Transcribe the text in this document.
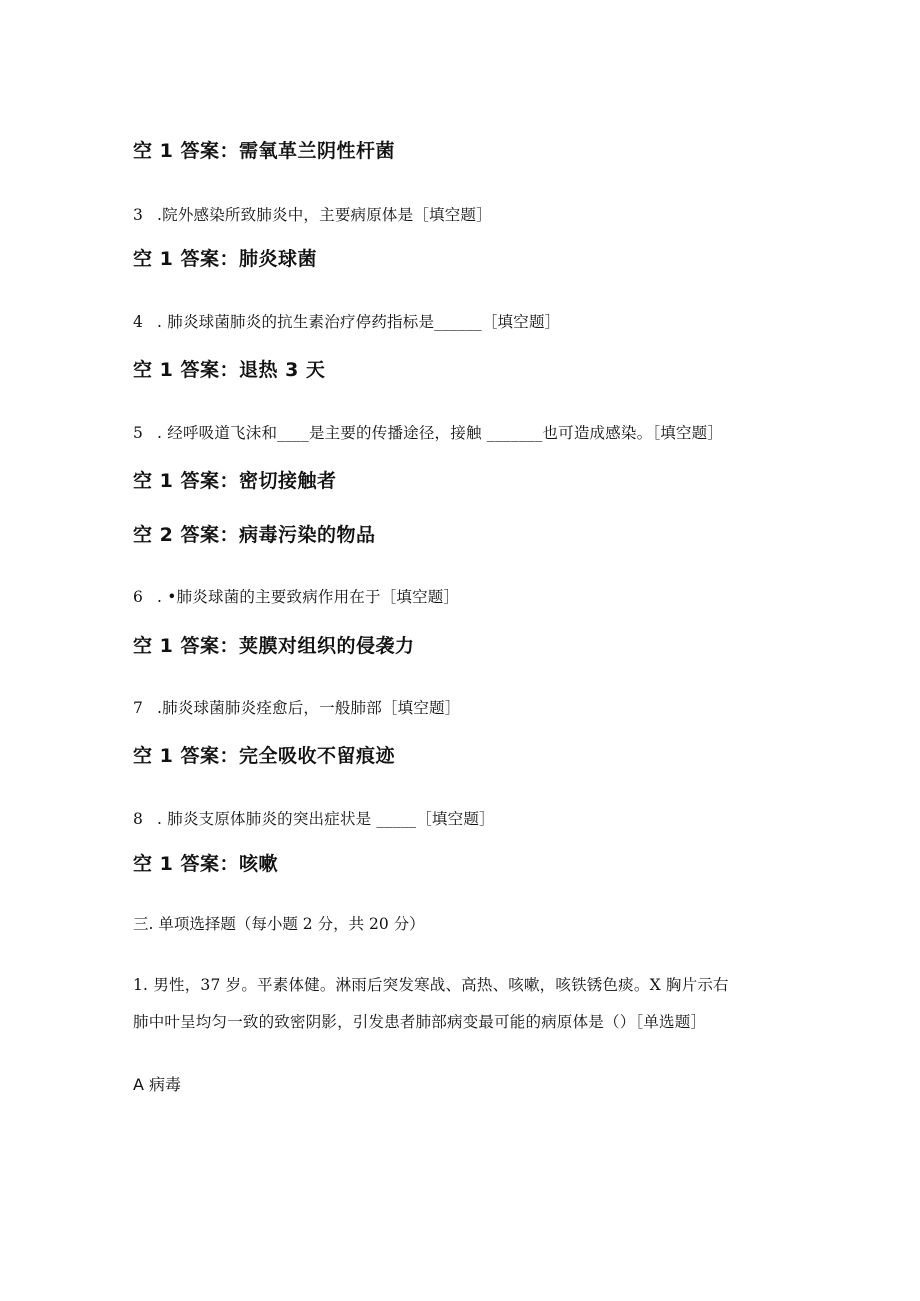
空 1 答案：需氧革兰阴性杆菌
3 .院外感染所致肺炎中，主要病原体是［填空题］
空 1 答案：肺炎球菌
4 . 肺炎球菌肺炎的抗生素治疗停药指标是______［填空题］
空 1 答案：退热 3 天
5 . 经呼吸道飞沫和____是主要的传播途径，接触 _______也可造成感染。［填空题］
空 1 答案：密切接触者
空 2 答案：病毒污染的物品
6 . •肺炎球菌的主要致病作用在于［填空题］
空 1 答案：荚膜对组织的侵袭力
7 .肺炎球菌肺炎痊愈后，一般肺部［填空题］
空 1 答案：完全吸收不留痕迹
8 . 肺炎支原体肺炎的突出症状是 _____［填空题］
空 1 答案：咳嗽
三. 单项选择题（每小题 2 分，共 20 分）
1. 男性，37 岁。平素体健。淋雨后突发寒战、高热、咳嗽，咳铁锈色痰。X 胸片示右
肺中叶呈均匀一致的致密阴影，引发患者肺部病变最可能的病原体是（）［单选题］
A 病毒
